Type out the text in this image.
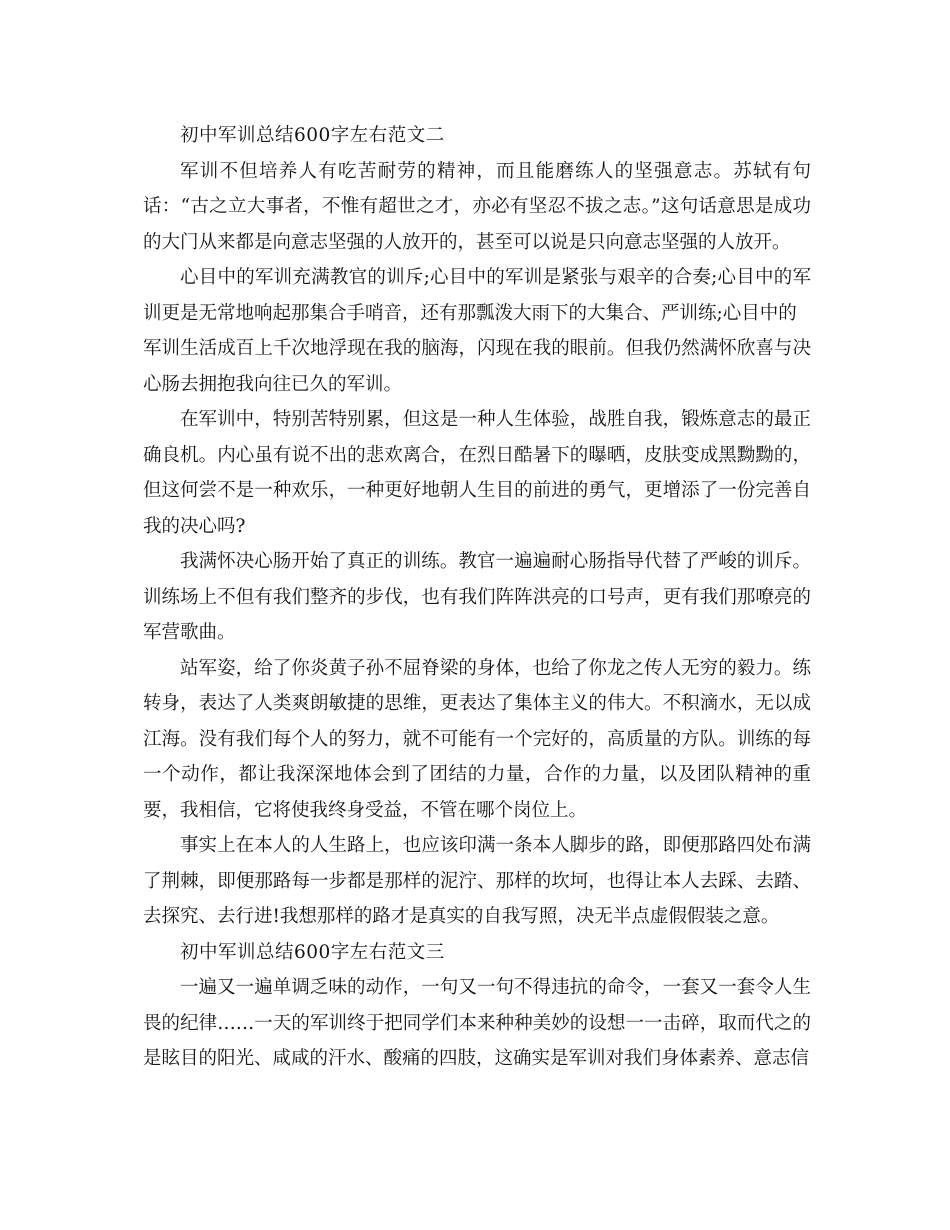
初中军训总结600字左右范文二

军训不但培养人有吃苦耐劳的精神，而且能磨练人的坚强意志。苏轼有句话：“古之立大事者，不惟有超世之才，亦必有坚忍不拔之志。”这句话意思是成功的大门从来都是向意志坚强的人放开的，甚至可以说是只向意志坚强的人放开。

心目中的军训充满教官的训斥;心目中的军训是紧张与艰辛的合奏;心目中的军训更是无常地响起那集合手哨音，还有那瓢泼大雨下的大集合、严训练;心目中的

军训生活成百上千次地浮现在我的脑海，闪现在我的眼前。但我仍然满怀欣喜与决心肠去拥抱我向往已久的军训。

在军训中，特别苦特别累，但这是一种人生体验，战胜自我，锻炼意志的最正确良机。内心虽有说不出的悲欢离合，在烈日酷暑下的曝晒，皮肤变成黑黝黝的，但这何尝不是一种欢乐，一种更好地朝人生目的前进的勇气，更增添了一份完善自我的决心吗?

我满怀决心肠开始了真正的训练。教官一遍遍耐心肠指导代替了严峻的训斥。训练场上不但有我们整齐的步伐，也有我们阵阵洪亮的口号声，更有我们那嘹亮的军营歌曲。

站军姿，给了你炎黄子孙不屈脊梁的身体，也给了你龙之传人无穷的毅力。练转身，表达了人类爽朗敏捷的思维，更表达了集体主义的伟大。不积滴水，无以成江海。没有我们每个人的努力，就不可能有一个完好的，高质量的方队。训练的每一个动作，都让我深深地体会到了团结的力量，合作的力量，以及团队精神的重要，我相信，它将使我终身受益，不管在哪个岗位上。

事实上在本人的人生路上，也应该印满一条本人脚步的路，即便那路四处布满了荆棘，即便那路每一步都是那样的泥泞、那样的坎坷，也得让本人去踩、去踏、去探究、去行进!我想那样的路才是真实的自我写照，决无半点虚假假装之意。

初中军训总结600字左右范文三

一遍又一遍单调乏味的动作，一句又一句不得违抗的命令，一套又一套令人生畏的纪律……一天的军训终于把同学们本来种种美妙的设想一一击碎，取而代之的是眩目的阳光、咸咸的汗水、酸痛的四肢，这确实是军训对我们身体素养、意志信
